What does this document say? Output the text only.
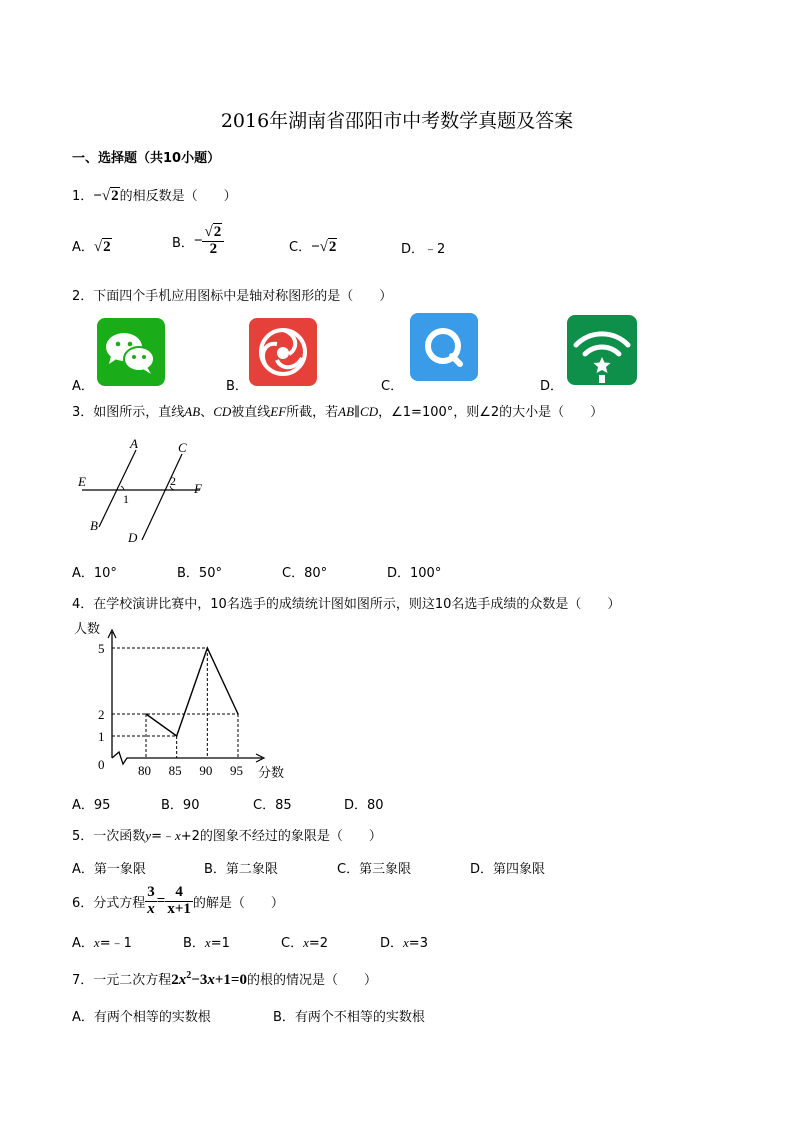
2016年湖南省邵阳市中考数学真题及答案
一、选择题（共10小题）
1．−√2的相反数是（　　）
A．√2	B．− $\frac{√2}{2}$	C．−√2	D．﹣2
2．下面四个手机应用图标中是轴对称图形的是（　　）
A．	B．	C．	D．
3．如图所示，直线AB、CD被直线EF所截，若AB∥CD，∠1=100°，则∠2的大小是（　　）
A
B
C
D
E	F
1
2
A．10°	B．50°	C．80°	D．100°
4．在学校演讲比赛中，10名选手的成绩统计图如图所示，则这10名选手成绩的众数是（　　）
人数
分数
0	80 85 90 95
1
2
5
A．95	B．90	C．85	D．80
5．一次函数y=﹣x+2的图象不经过的象限是（　　）
A．第一象限	B．第二象限	C．第三象限	D．第四象限
6．分式方程 $\frac{3}{x} = \frac{4}{x+1}$ 的解是（　　）
A．x=﹣1	B．x=1	C．x=2	D．x=3
7．一元二次方程$2x^2-3x+1=0$的根的情况是（　　）
A．有两个相等的实数根	B．有两个不相等的实数根
